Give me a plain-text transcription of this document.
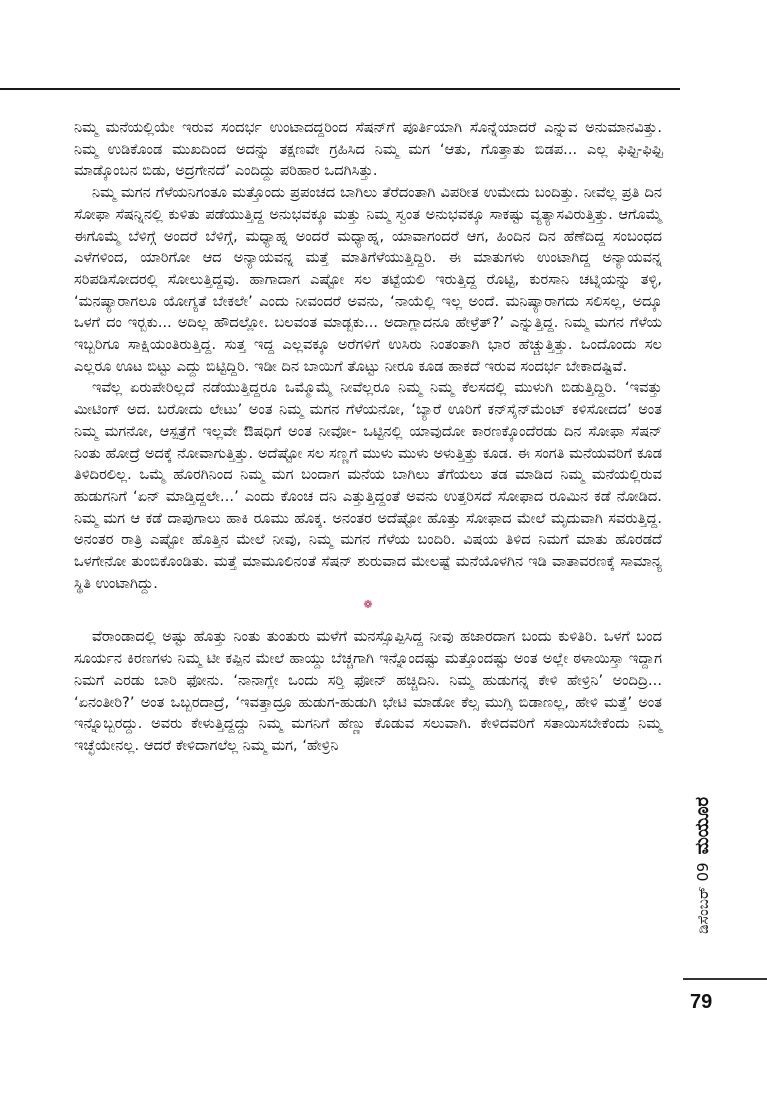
ನಿಮ್ಮ ಮನೆಯಲ್ಲಿಯೇ ಇರುವ ಸಂದರ್ಭ ಉಂಟಾದದ್ದರಿಂದ ಸೆಷನ್‌ಗೆ ಪೂರ್ತಿಯಾಗಿ ಸೊನ್ನೆಯಾದರೆ ಎನ್ನುವ ಅನುಮಾನವಿತ್ತು. ನಿಮ್ಮ ಉಡಿಕೊಂಡ ಮುಖದಿಂದ ಅದನ್ನು ತಕ್ಷಣವೇ ಗ್ರಹಿಸಿದ ನಿಮ್ಮ ಮಗ ‘ಆತು, ಗೊತ್ತಾತು ಬಿಡಪ... ಎಲ್ಲ ಫಿಫ್ಟಿ-ಫಿಫ್ಟಿ ಮಾಡ್ಕೊಂಬನ ಬಿಡು, ಅದ್ರಗೇನದೆ’ ಎಂದಿದ್ದು ಪರಿಹಾರ ಒದಗಿಸಿತ್ತು.

ನಿಮ್ಮ ಮಗನ ಗೆಳೆಯನಿಗಂತೂ ಮತ್ತೊಂದು ಪ್ರಪಂಚದ ಬಾಗಿಲು ತೆರೆದಂತಾಗಿ ವಿಪರೀತ ಉಮೇದು ಬಂದಿತ್ತು. ನೀವೆಲ್ಲ ಪ್ರತಿ ದಿನ ಸೋಫಾ ಸೆಷನ್ನಿನಲ್ಲಿ ಕುಳಿತು ಪಡೆಯುತ್ತಿದ್ದ ಅನುಭವಕ್ಕೂ ಮತ್ತು ನಿಮ್ಮ ಸ್ವಂತ ಅನುಭವಕ್ಕೂ ಸಾಕಷ್ಟು ವ್ಯತ್ಯಾಸವಿರುತ್ತಿತ್ತು. ಆಗೊಮ್ಮೆ ಈಗೊಮ್ಮೆ ಬೆಳಿಗ್ಗೆ ಅಂದರೆ ಬೆಳಿಗ್ಗೆ, ಮಧ್ಯಾಹ್ನ ಅಂದರೆ ಮಧ್ಯಾಹ್ನ, ಯಾವಾಗಂದರೆ ಆಗ, ಹಿಂದಿನ ದಿನ ಹೆಣೆದಿದ್ದ ಸಂಬಂಧದ ಎಳೆಗಳಿಂದ, ಯಾರಿಗೋ ಆದ ಅನ್ಯಾಯವನ್ನ ಮತ್ತೆ ಮಾತಿಗೆಳೆಯುತ್ತಿದ್ದಿರಿ. ಈ ಮಾತುಗಳು ಉಂಟಾಗಿದ್ದ ಅನ್ಯಾಯವನ್ನ ಸರಿಪಡಿಸೋದರಲ್ಲಿ ಸೋಲುತ್ತಿದ್ದವು. ಹಾಗಾದಾಗ ಎಷ್ಟೋ ಸಲ ತಟ್ಟೆಯಲಿ ಇರುತ್ತಿದ್ದ ರೊಟ್ಟಿ, ಕುರಸಾನಿ ಚಟ್ನಿಯನ್ನು ತಳ್ಳಿ, ‘ಮನಷ್ಯಾರಾಗಲೂ ಯೋಗ್ಯತೆ ಬೇಕಲೇ’ ಎಂದು ನೀವಂದರೆ ಅವನು, ‘ನಾಯೆಲ್ಲಿ ಇಲ್ಲ ಅಂದೆ. ಮನಿಷ್ಯಾರಾಗದು ಸಲಿಸಲ್ಲ, ಅದ್ಕೂ ಒಳಗೆ ದಂ ಇರ್‍ಬಕು... ಅದಿಲ್ಲ ಹೌದಲ್ಲೋ. ಬಲವಂತ ಮಾಡ್ಬಕು... ಅದಾಗ್ಲಾದನೂ ಹೇಳ್ರೆತ್?’ ಎನ್ನುತ್ತಿದ್ದ. ನಿಮ್ಮ ಮಗನ ಗೆಳೆಯ ಇಬ್ಬರಿಗೂ ಸಾಕ್ಷಿಯಂತಿರುತ್ತಿದ್ದ. ಸುತ್ತ ಇದ್ದ ಎಲ್ಲವಕ್ಕೂ ಅರೆಗಳಿಗೆ ಉಸಿರು ನಿಂತಂತಾಗಿ ಭಾರ ಹೆಚ್ಚುತ್ತಿತ್ತು. ಒಂದೊಂದು ಸಲ ಎಲ್ಲರೂ ಊಟ ಬಿಟ್ಟು ಎದ್ದು ಬಿಟ್ಟಿದ್ದಿರಿ. ಇಡೀ ದಿನ ಬಾಯಿಗೆ ತೊಟ್ಟು ನೀರೂ ಕೂಡ ಹಾಕದೆ ಇರುವ ಸಂದರ್ಭ ಬೇಕಾದಷ್ಟಿವೆ.

ಇವೆಲ್ಲ ಏರುಪೇರಿಲ್ಲದೆ ನಡೆಯುತ್ತಿದ್ದರೂ ಒಮ್ಮೊಮ್ಮೆ ನೀವೆಲ್ಲರೂ ನಿಮ್ಮ ನಿಮ್ಮ ಕೆಲಸದಲ್ಲಿ ಮುಳುಗಿ ಬಿಡುತ್ತಿದ್ದಿರಿ. ‘ಇವತ್ತು ಮೀಟಿಂಗ್ ಅದ. ಬರೋದು ಲೇಟು’ ಅಂತ ನಿಮ್ಮ ಮಗನ ಗೆಳೆಯನೋ, ‘ಬ್ಯಾರೆ ಊರಿಗೆ ಕನ್‌ಸೈನ್‌ಮೆಂಟ್ ಕಳಿಸೋದದ’ ಅಂತ ನಿಮ್ಮ ಮಗನೋ, ಆಸ್ಪತ್ರೆಗೆ ಇಲ್ಲವೇ ಔಷಧಿಗೆ ಅಂತ ನೀವೋ- ಒಟ್ಟಿನಲ್ಲಿ ಯಾವುದೋ ಕಾರಣಕ್ಕೊಂದೆರಡು ದಿನ ಸೋಫಾ ಸೆಷನ್ ನಿಂತು ಹೋದ್ರೆ ಅದಕ್ಕೆ ನೋವಾಗುತ್ತಿತ್ತು. ಅದೆಷ್ಟೋ ಸಲ ಸಣ್ಣಗೆ ಮುಳು ಮುಳು ಅಳುತ್ತಿತ್ತು ಕೂಡ. ಈ ಸಂಗತಿ ಮನೆಯವರಿಗೆ ಕೂಡ ತಿಳಿದಿರಲಿಲ್ಲ. ಒಮ್ಮೆ ಹೊರಗಿನಿಂದ ನಿಮ್ಮ ಮಗ ಬಂದಾಗ ಮನೆಯ ಬಾಗಿಲು ತೆಗೆಯಲು ತಡ ಮಾಡಿದ ನಿಮ್ಮ ಮನೆಯಲ್ಲಿರುವ ಹುಡುಗನಿಗೆ ‘ಏನ್ ಮಾಡ್ತಿದ್ದಲೇ...’ ಎಂದು ಕೊಂಚ ದನಿ ಎತ್ತುತ್ತಿದ್ದಂತೆ ಅವನು ಉತ್ತರಿಸದೆ ಸೋಫಾದ ರೂಮಿನ ಕಡೆ ನೋಡಿದ. ನಿಮ್ಮ ಮಗ ಆ ಕಡೆ ದಾಪುಗಾಲು ಹಾಕಿ ರೂಮು ಹೊಕ್ಕ. ಅನಂತರ ಅದೆಷ್ಟೋ ಹೊತ್ತು ಸೋಫಾದ ಮೇಲೆ ಮೃದುವಾಗಿ ಸವರುತ್ತಿದ್ದ. ಅನಂತರ ರಾತ್ರಿ ಎಷ್ಟೋ ಹೊತ್ತಿನ ಮೇಲೆ ನೀವು, ನಿಮ್ಮ ಮಗನ ಗೆಳೆಯ ಬಂದಿರಿ. ವಿಷಯ ತಿಳಿದ ನಿಮಗೆ ಮಾತು ಹೊರಡದೆ ಒಳಗೇನೋ ತುಂಬಿಕೊಂಡಿತು. ಮತ್ತೆ ಮಾಮೂಲಿನಂತೆ ಸೆಷನ್ ಶುರುವಾದ ಮೇಲಷ್ಟೆ ಮನೆಯೊಳಗಿನ ಇಡಿ ವಾತಾವರಣಕ್ಕೆ ಸಾಮಾನ್ಯ ಸ್ಥಿತಿ ಉಂಟಾಗಿದ್ದು.

❁

ವೆರಾಂಡಾದಲ್ಲಿ ಅಷ್ಟು ಹೊತ್ತು ನಿಂತು ತುಂತುರು ಮಳೆಗೆ ಮನಸ್ಸೊಪ್ಪಿಸಿದ್ದ ನೀವು ಹಜಾರದಾಗ ಬಂದು ಕುಳಿತಿರಿ. ಒಳಗೆ ಬಂದ ಸೂರ್ಯನ ಕಿರಣಗಳು ನಿಮ್ಮ ಟೀ ಕಪ್ಪಿನ ಮೇಲೆ ಹಾಯ್ದು ಬೆಚ್ಚಗಾಗಿ ಇನ್ನೊಂದಷ್ಟು ಮತ್ತೊಂದಷ್ಟು ಅಂತ ಅಲ್ಲೇ ಠಳಾಯಿಸ್ತಾ ಇದ್ದಾಗ ನಿಮಗೆ ಎರಡು ಬಾರಿ ಫೋನು. ‘ನಾನಾಗ್ಲೇ ಒಂದು ಸರ್‍ತಿ ಫೋನ್ ಹಚ್ಚಿದಿನಿ. ನಿಮ್ಮ ಹುಡುಗನ್ನ ಕೇಳಿ ಹೇಳ್ರಿನಿ’ ಅಂದಿದ್ರಿ... ‘ಏನಂತೀರಿ?’ ಅಂತ ಒಬ್ಬರದಾದ್ರೆ, ‘ಇವತ್ತಾದ್ರೂ ಹುಡುಗ-ಹುಡುಗಿ ಭೇಟಿ ಮಾಡೋ ಕೆಲ್ಸ ಮುಗ್ಸಿ ಬಿಡಾಣಲ್ಲ, ಹೇಳಿ ಮತ್ತೆ’ ಅಂತ ಇನ್ನೊಬ್ಬರದ್ದು. ಅವರು ಕೇಳುತ್ತಿದ್ದದ್ದು ನಿಮ್ಮ ಮಗನಿಗೆ ಹೆಣ್ಣು ಕೊಡುವ ಸಲುವಾಗಿ. ಕೇಳಿದವರಿಗೆ ಸತಾಯಿಸಬೇಕೆಂದು ನಿಮ್ಮ ಇಚ್ಛೆಯೇನಲ್ಲ. ಆದರೆ ಕೇಳಿದಾಗಲೆಲ್ಲ ನಿಮ್ಮ ಮಗ, ‘ಹೇಳ್ರಿನಿ

ಡಿಸೆಂಬರ್ 09ಮಯೂರ
79
